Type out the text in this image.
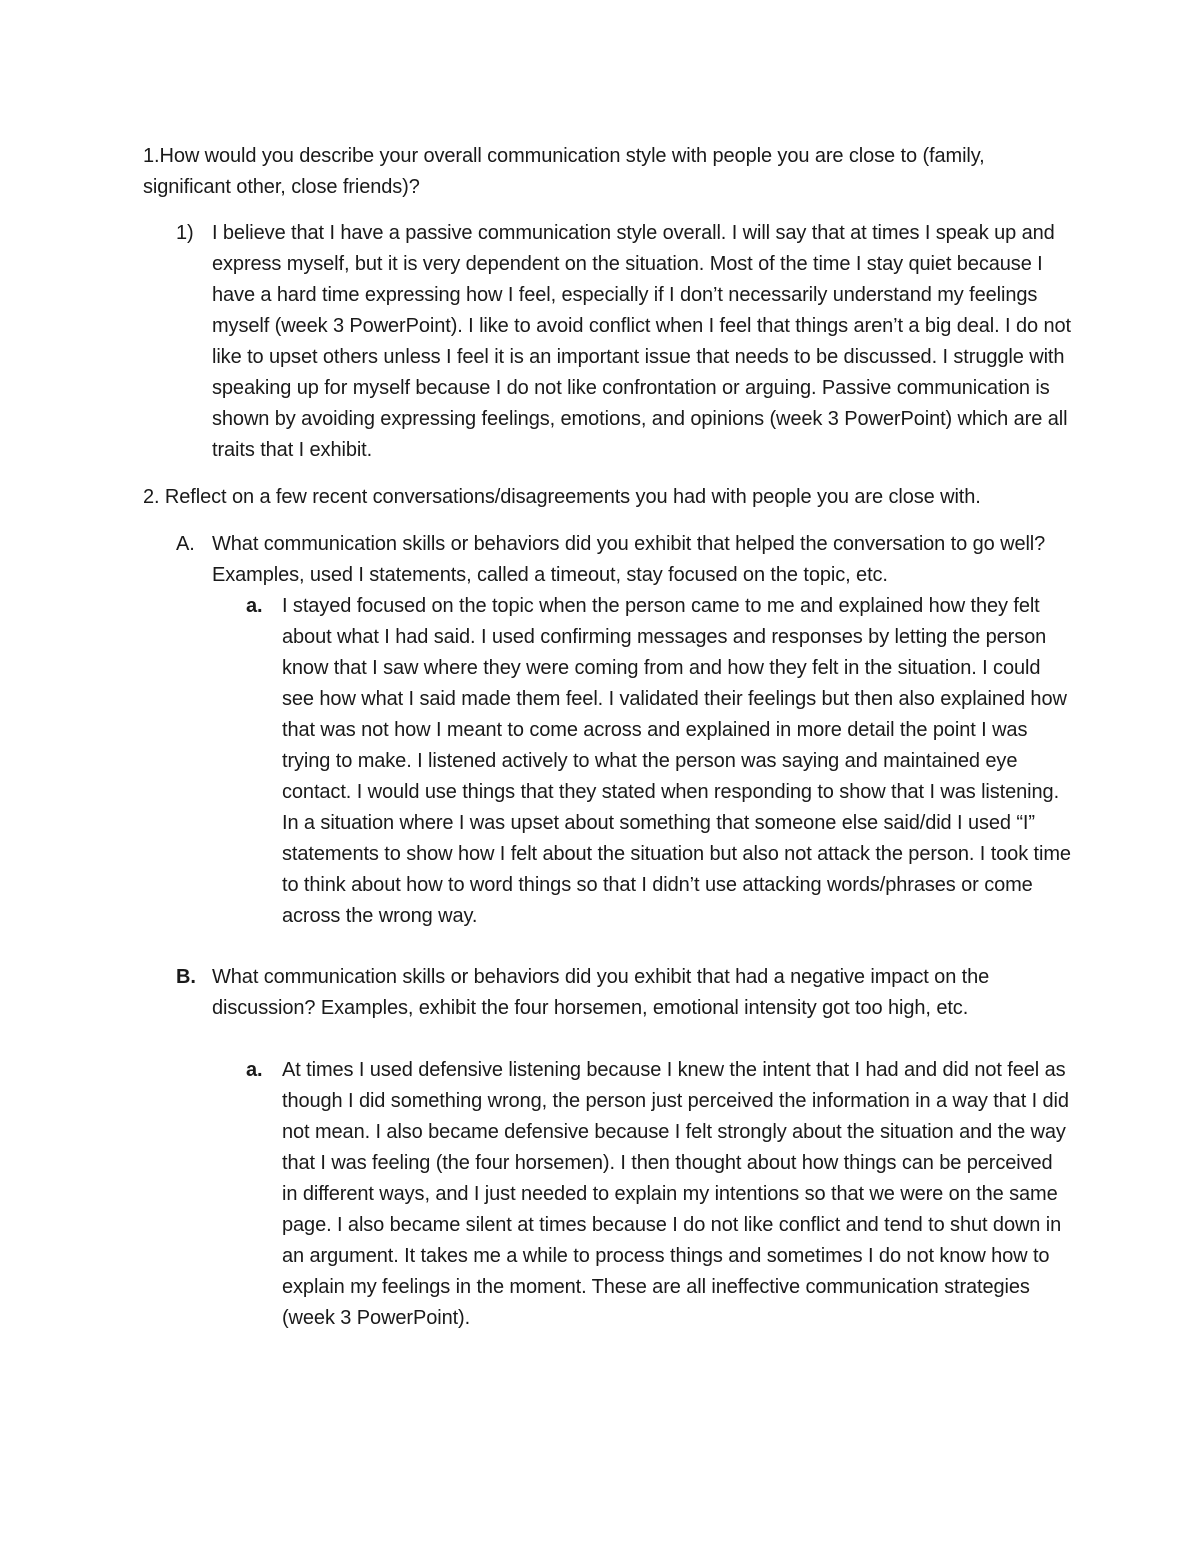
1.How would you describe your overall communication style with people you are close to (family, significant other, close friends)?
1) I believe that I have a passive communication style overall. I will say that at times I speak up and express myself, but it is very dependent on the situation. Most of the time I stay quiet because I have a hard time expressing how I feel, especially if I don’t necessarily understand my feelings myself (week 3 PowerPoint). I like to avoid conflict when I feel that things aren’t a big deal. I do not like to upset others unless I feel it is an important issue that needs to be discussed. I struggle with speaking up for myself because I do not like confrontation or arguing. Passive communication is shown by avoiding expressing feelings, emotions, and opinions (week 3 PowerPoint) which are all traits that I exhibit.
2. Reflect on a few recent conversations/disagreements you had with people you are close with.
A. What communication skills or behaviors did you exhibit that helped the conversation to go well? Examples, used I statements, called a timeout, stay focused on the topic, etc.
a. I stayed focused on the topic when the person came to me and explained how they felt about what I had said. I used confirming messages and responses by letting the person know that I saw where they were coming from and how they felt in the situation. I could see how what I said made them feel. I validated their feelings but then also explained how that was not how I meant to come across and explained in more detail the point I was trying to make. I listened actively to what the person was saying and maintained eye contact. I would use things that they stated when responding to show that I was listening. In a situation where I was upset about something that someone else said/did I used “I” statements to show how I felt about the situation but also not attack the person. I took time to think about how to word things so that I didn’t use attacking words/phrases or come across the wrong way.
B. What communication skills or behaviors did you exhibit that had a negative impact on the discussion? Examples, exhibit the four horsemen, emotional intensity got too high, etc.
a. At times I used defensive listening because I knew the intent that I had and did not feel as though I did something wrong, the person just perceived the information in a way that I did not mean. I also became defensive because I felt strongly about the situation and the way that I was feeling (the four horsemen). I then thought about how things can be perceived in different ways, and I just needed to explain my intentions so that we were on the same page. I also became silent at times because I do not like conflict and tend to shut down in an argument. It takes me a while to process things and sometimes I do not know how to explain my feelings in the moment. These are all ineffective communication strategies (week 3 PowerPoint).
